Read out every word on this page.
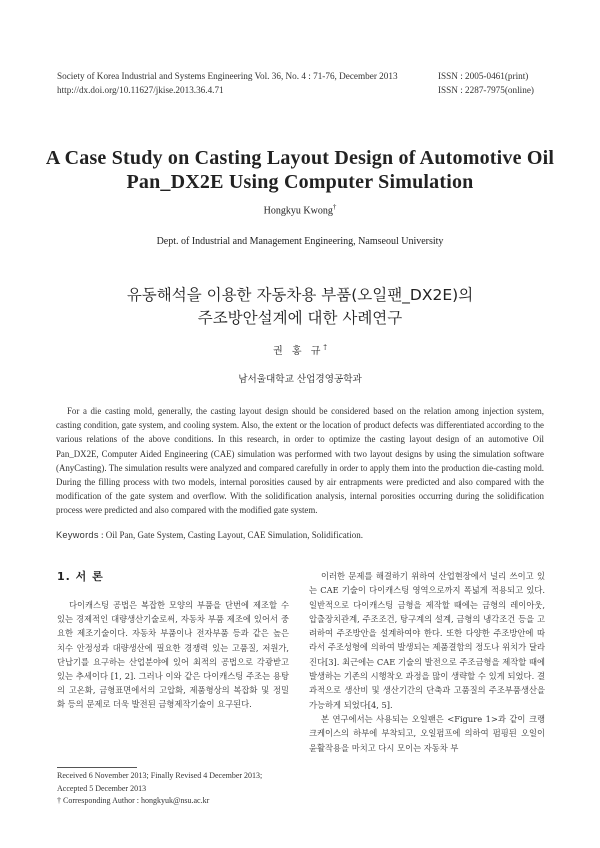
Society of Korea Industrial and Systems Engineering Vol. 36, No. 4 : 71-76, December 2013
http://dx.doi.org/10.11627/jkise.2013.36.4.71
ISSN : 2005-0461(print)
ISSN : 2287-7975(online)
A Case Study on Casting Layout Design of Automotive Oil
Pan_DX2E Using Computer Simulation
Hongkyu Kwong†
Dept. of Industrial and Management Engineering, Namseoul University
유동해석을 이용한 자동차용 부품(오일팬_DX2E)의
주조방안설계에 대한 사례연구
권 홍 규†
남서울대학교 산업경영공학과
For a die casting mold, generally, the casting layout design should be considered based on the relation among injection system, casting condition, gate system, and cooling system. Also, the extent or the location of product defects was differentiated according to the various relations of the above conditions. In this research, in order to optimize the casting layout design of an automotive Oil Pan_DX2E, Computer Aided Engineering (CAE) simulation was performed with two layout designs by using the simulation software (AnyCasting). The simulation results were analyzed and compared carefully in order to apply them into the production die-casting mold. During the filling process with two models, internal porosities caused by air entrapments were predicted and also compared with the modification of the gate system and overflow. With the solidification analysis, internal porosities occurring during the solidification process were predicted and also compared with the modified gate system.
Keywords : Oil Pan, Gate System, Casting Layout, CAE Simulation, Solidification.
1. 서 론

다이캐스팅 공법은 복잡한 모양의 부품을 단번에 제조할 수 있는 경제적인 대량생산기술로써, 자동차 부품 제조에 있어서 중요한 제조기술이다. 자동차 부품이나 전자부품 등과 같은 높은 치수 안정성과 대량생산에 필요한 경쟁력 있는 고품질, 저원가, 단납기를 요구하는 산업분야에 있어 최적의 공법으로 각광받고 있는 추세이다 [1, 2]. 그러나 이와 같은 다이캐스팅 주조는 용탕의 고온화, 금형표면에서의 고압화, 제품형상의 복잡화 및 정밀화 등의 문제로 더욱 발전된 금형제작기술이 요구된다.

이러한 문제를 해결하기 위하여 산업현장에서 널리 쓰이고 있는 CAE 기술이 다이캐스팅 영역으로까지 폭넓게 적용되고 있다. 일반적으로 다이캐스팅 금형을 제작할 때에는 금형의 레이아웃, 압출장치관계, 주조조건, 탕구계의 설계, 금형의 냉각조건 등을 고려하여 주조방안을 설계하여야 한다. 또한 다양한 주조방안에 따라서 주조성형에 의하여 발생되는 제품결함의 정도나 위치가 달라진다[3]. 최근에는 CAE 기술의 발전으로 주조금형을 제작할 때에 발생하는 기존의 시행착오 과정을 많이 생략할 수 있게 되었다. 결과적으로 생산비 및 생산기간의 단축과 고품질의 주조부품생산을 가능하게 되었다[4, 5].

본 연구에서는 사용되는 오일팬은 <Figure 1>과 같이 크랭크케이스의 하부에 부착되고, 오일펌프에 의하여 펌핑된 오일이 윤활작용을 마치고 다시 모이는 자동차 부

Received 6 November 2013; Finally Revised 4 December 2013;
Accepted 5 December 2013
† Corresponding Author : hongkyuk@nsu.ac.kr
